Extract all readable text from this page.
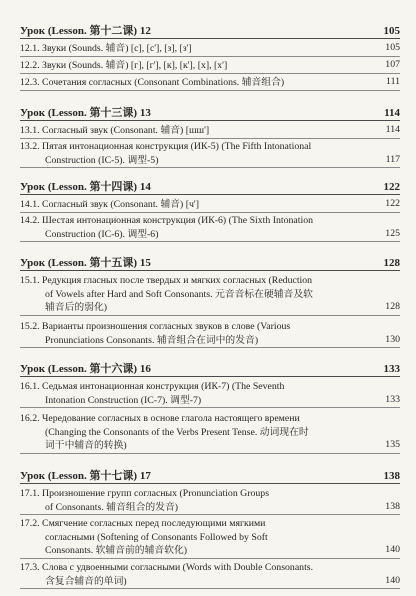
Урок (Lesson. 第十二课) 12	105
12.1. Звуки (Sounds. 辅音) [с], [с'], [з], [з']	105
12.2. Звуки (Sounds. 辅音) [г], [г'], [к], [к'], [х], [х']	107
12.3. Сочетания согласных (Consonant Combinations. 辅音组合)	111
Урок (Lesson. 第十三课) 13	114
13.1. Согласный звук (Consonant. 辅音) [шш']	114
13.2. Пятая интонационная конструкция (ИК-5) (The Fifth Intonational
Construction (IC-5). 调型-5)	117
Урок (Lesson. 第十四课) 14	122
14.1. Согласный звук (Consonant. 辅音) [ч']	122
14.2. Шестая интонационная конструкция (ИК-6) (The Sixth Intonation
Construction (IC-6). 调型-6)	125
Урок (Lesson. 第十五课) 15	128
15.1. Редукция гласных после твердых и мягких согласных (Reduction
of Vowels after Hard and Soft Consonants. 元音音标在硬辅音及软
辅音后的弱化)	128
15.2. Варианты произношения согласных звуков в слове (Various
Pronunciations Consonants. 辅音组合在词中的发音)	130
Урок (Lesson. 第十六课) 16	133
16.1. Седьмая интонационная конструкция (ИК-7) (The Seventh
Intonation Construction (IC-7). 调型-7)	133
16.2. Чередование согласных в основе глагола настоящего времени
(Changing the Consonants of the Verbs Present Tense. 动词现在时
词干中辅音的转换)	135
Урок (Lesson. 第十七课) 17	138
17.1. Произношение групп согласных (Pronunciation Groups
of Consonants. 辅音组合的发音)	138
17.2. Смягчение согласных перед последующими мягкими
согласными (Softening of Consonants Followed by Soft
Consonants. 软辅音前的辅音软化)	140
17.3. Слова с удвоенными согласными (Words with Double Consonants.
含复合辅音的单词)	140
